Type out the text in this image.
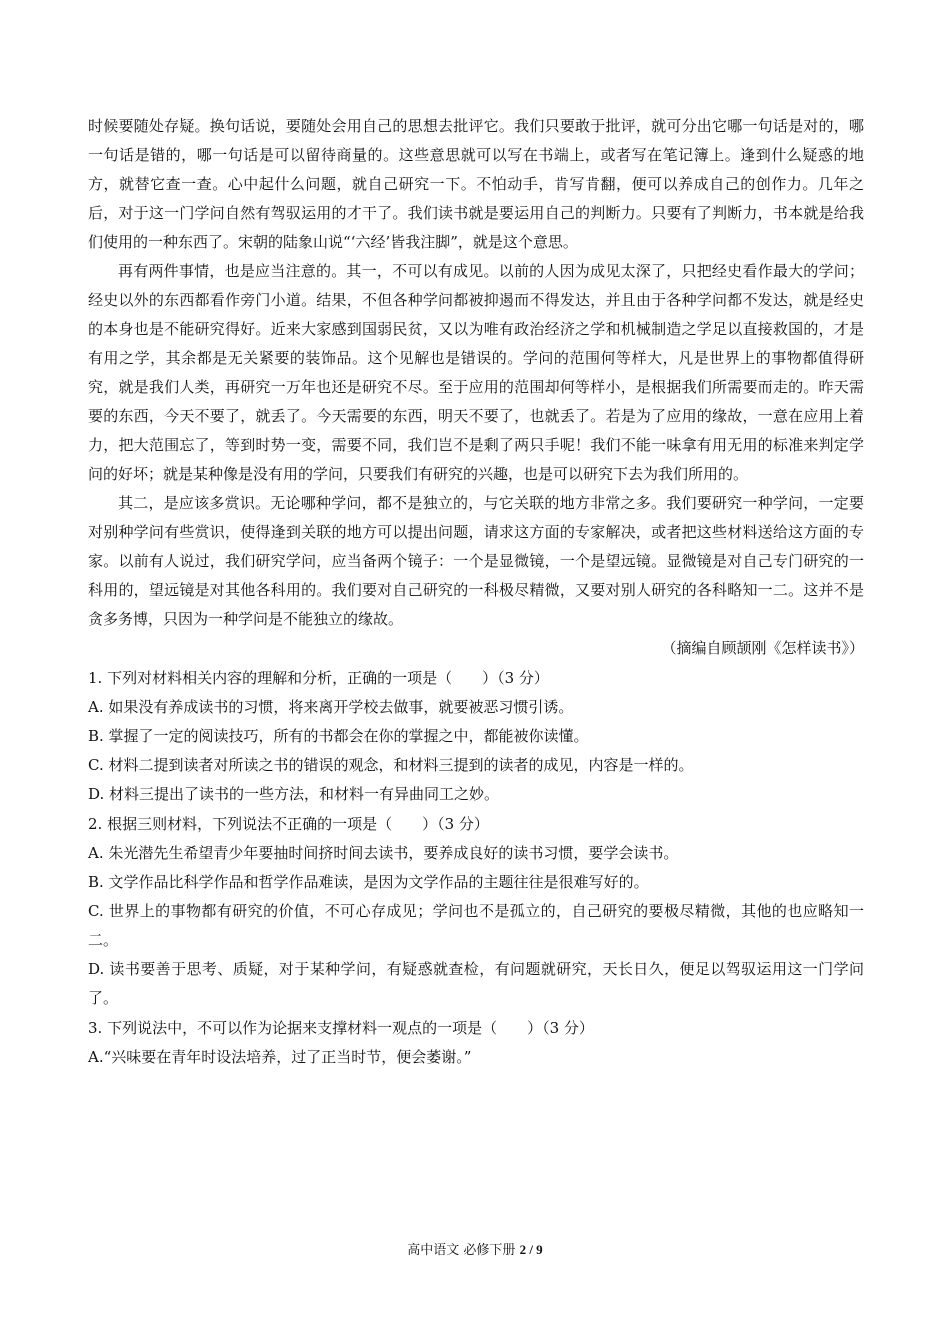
时候要随处存疑。换句话说，要随处会用自己的思想去批评它。我们只要敢于批评，就可分出它哪一句话是对的，哪一句话是错的，哪一句话是可以留待商量的。这些意思就可以写在书端上，或者写在笔记簿上。逢到什么疑惑的地方，就替它查一查。心中起什么问题，就自己研究一下。不怕动手，肯写肯翻，便可以养成自己的创作力。几年之后，对于这一门学问自然有驾驭运用的才干了。我们读书就是要运用自己的判断力。只要有了判断力，书本就是给我们使用的一种东西了。宋朝的陆象山说“‘六经’皆我注脚”，就是这个意思。

再有两件事情，也是应当注意的。其一，不可以有成见。以前的人因为成见太深了，只把经史看作最大的学问；经史以外的东西都看作旁门小道。结果，不但各种学问都被抑遏而不得发达，并且由于各种学问都不发达，就是经史的本身也是不能研究得好。近来大家感到国弱民贫，又以为唯有政治经济之学和机械制造之学足以直接救国的，才是有用之学，其余都是无关紧要的装饰品。这个见解也是错误的。学问的范围何等样大，凡是世界上的事物都值得研究，就是我们人类，再研究一万年也还是研究不尽。至于应用的范围却何等样小，是根据我们所需要而走的。昨天需要的东西，今天不要了，就丢了。今天需要的东西，明天不要了，也就丢了。若是为了应用的缘故，一意在应用上着力，把大范围忘了，等到时势一变，需要不同，我们岂不是剩了两只手呢！我们不能一味拿有用无用的标准来判定学问的好坏；就是某种像是没有用的学问，只要我们有研究的兴趣，也是可以研究下去为我们所用的。

其二，是应该多赏识。无论哪种学问，都不是独立的，与它关联的地方非常之多。我们要研究一种学问，一定要对别种学问有些赏识，使得逢到关联的地方可以提出问题，请求这方面的专家解决，或者把这些材料送给这方面的专家。以前有人说过，我们研究学问，应当备两个镜子：一个是显微镜，一个是望远镜。显微镜是对自己专门研究的一科用的，望远镜是对其他各科用的。我们要对自己研究的一科极尽精微，又要对别人研究的各科略知一二。这并不是贪多务博，只因为一种学问是不能独立的缘故。

（摘编自顾颉刚《怎样读书》）

1. 下列对材料相关内容的理解和分析，正确的一项是（　　）（3 分）

A. 如果没有养成读书的习惯，将来离开学校去做事，就要被恶习惯引诱。

B. 掌握了一定的阅读技巧，所有的书都会在你的掌握之中，都能被你读懂。

C. 材料二提到读者对所读之书的错误的观念，和材料三提到的读者的成见，内容是一样的。

D. 材料三提出了读书的一些方法，和材料一有异曲同工之妙。

2. 根据三则材料，下列说法不正确的一项是（　　）（3 分）

A. 朱光潜先生希望青少年要抽时间挤时间去读书，要养成良好的读书习惯，要学会读书。

B. 文学作品比科学作品和哲学作品难读，是因为文学作品的主题往往是很难写好的。

C. 世界上的事物都有研究的价值，不可心存成见；学问也不是孤立的，自己研究的要极尽精微，其他的也应略知一二。

D. 读书要善于思考、质疑，对于某种学问，有疑惑就查检，有问题就研究，天长日久，便足以驾驭运用这一门学问了。

3. 下列说法中，不可以作为论据来支撑材料一观点的一项是（　　）（3 分）

A.“兴味要在青年时设法培养，过了正当时节，便会萎谢。”

高中语文 必修下册 2 / 9
